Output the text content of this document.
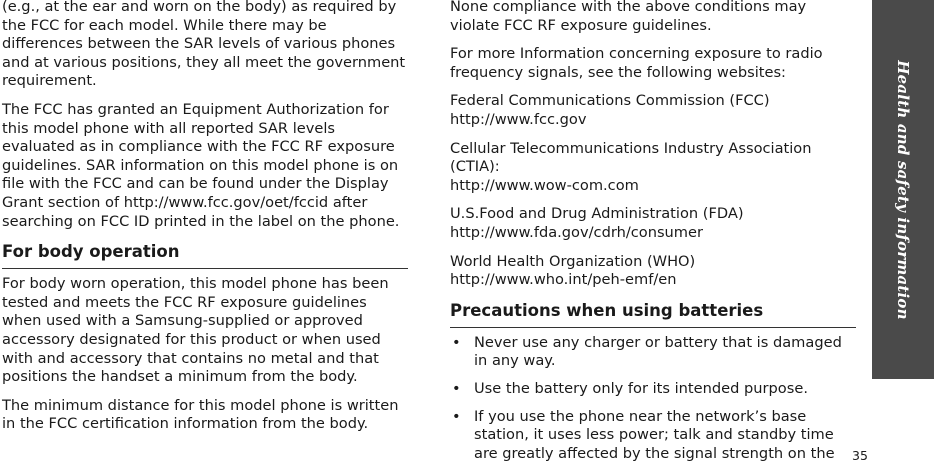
(e.g., at the ear and worn on the body) as required by
the FCC for each model. While there may be
differences between the SAR levels of various phones
and at various positions, they all meet the government
requirement.

The FCC has granted an Equipment Authorization for
this model phone with all reported SAR levels
evaluated as in compliance with the FCC RF exposure
guidelines. SAR information on this model phone is on
file with the FCC and can be found under the Display
Grant section of http://www.fcc.gov/oet/fccid after
searching on FCC ID printed in the label on the phone.

For body operation

For body worn operation, this model phone has been
tested and meets the FCC RF exposure guidelines
when used with a Samsung-supplied or approved
accessory designated for this product or when used
with and accessory that contains no metal and that
positions the handset a minimum from the body.

The minimum distance for this model phone is written
in the FCC certification information from the body.

None compliance with the above conditions may
violate FCC RF exposure guidelines.

For more Information concerning exposure to radio
frequency signals, see the following websites:

Federal Communications Commission (FCC)
http://www.fcc.gov

Cellular Telecommunications Industry Association
(CTIA):
http://www.wow-com.com

U.S.Food and Drug Administration (FDA)
http://www.fda.gov/cdrh/consumer

World Health Organization (WHO)
http://www.who.int/peh-emf/en

Precautions when using batteries
• Never use any charger or battery that is damaged
in any way.
• Use the battery only for its intended purpose.
• If you use the phone near the network’s base
station, it uses less power; talk and standby time
are greatly affected by the signal strength on the
Health and safety information
35
